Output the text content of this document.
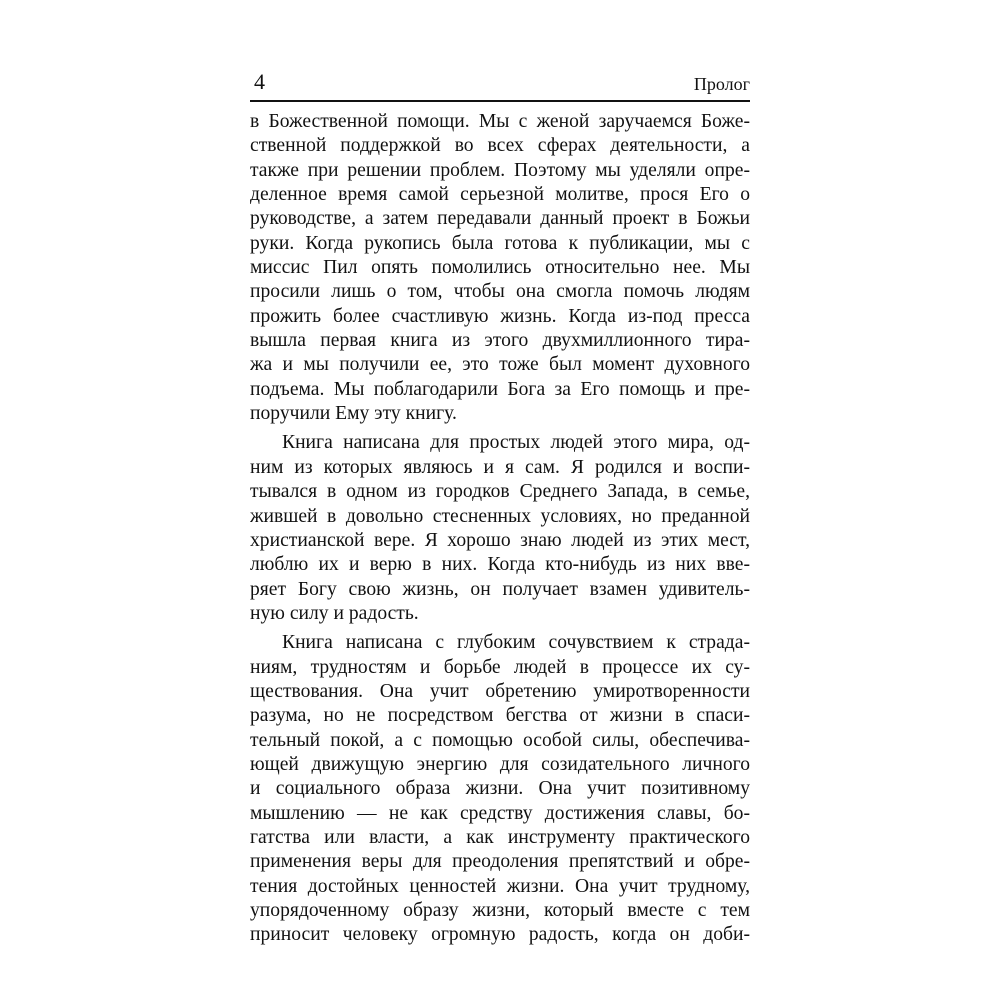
4	Пролог
в Божественной помощи. Мы с женой заручаемся Боже-
ственной поддержкой во всех сферах деятельности, а
также при решении проблем. Поэтому мы уделяли опре-
деленное время самой серьезной молитве, прося Его о
руководстве, а затем передавали данный проект в Божьи
руки. Когда рукопись была готова к публикации, мы с
миссис Пил опять помолились относительно нее. Мы
просили лишь о том, чтобы она смогла помочь людям
прожить более счастливую жизнь. Когда из-под пресса
вышла первая книга из этого двухмиллионного тира-
жа и мы получили ее, это тоже был момент духовного
подъема. Мы поблагодарили Бога за Его помощь и пре-
поручили Ему эту книгу.
Книга написана для простых людей этого мира, од-
ним из которых являюсь и я сам. Я родился и воспи-
тывался в одном из городков Среднего Запада, в семье,
жившей в довольно стесненных условиях, но преданной
христианской вере. Я хорошо знаю людей из этих мест,
люблю их и верю в них. Когда кто-нибудь из них вве-
ряет Богу свою жизнь, он получает взамен удивитель-
ную силу и радость.
Книга написана с глубоким сочувствием к страда-
ниям, трудностям и борьбе людей в процессе их су-
ществования. Она учит обретению умиротворенности
разума, но не посредством бегства от жизни в спаси-
тельный покой, а с помощью особой силы, обеспечива-
ющей движущую энергию для созидательного личного
и социального образа жизни. Она учит позитивному
мышлению — не как средству достижения славы, бо-
гатства или власти, а как инструменту практического
применения веры для преодоления препятствий и обре-
тения достойных ценностей жизни. Она учит трудному,
упорядоченному образу жизни, который вместе с тем
приносит человеку огромную радость, когда он доби-
